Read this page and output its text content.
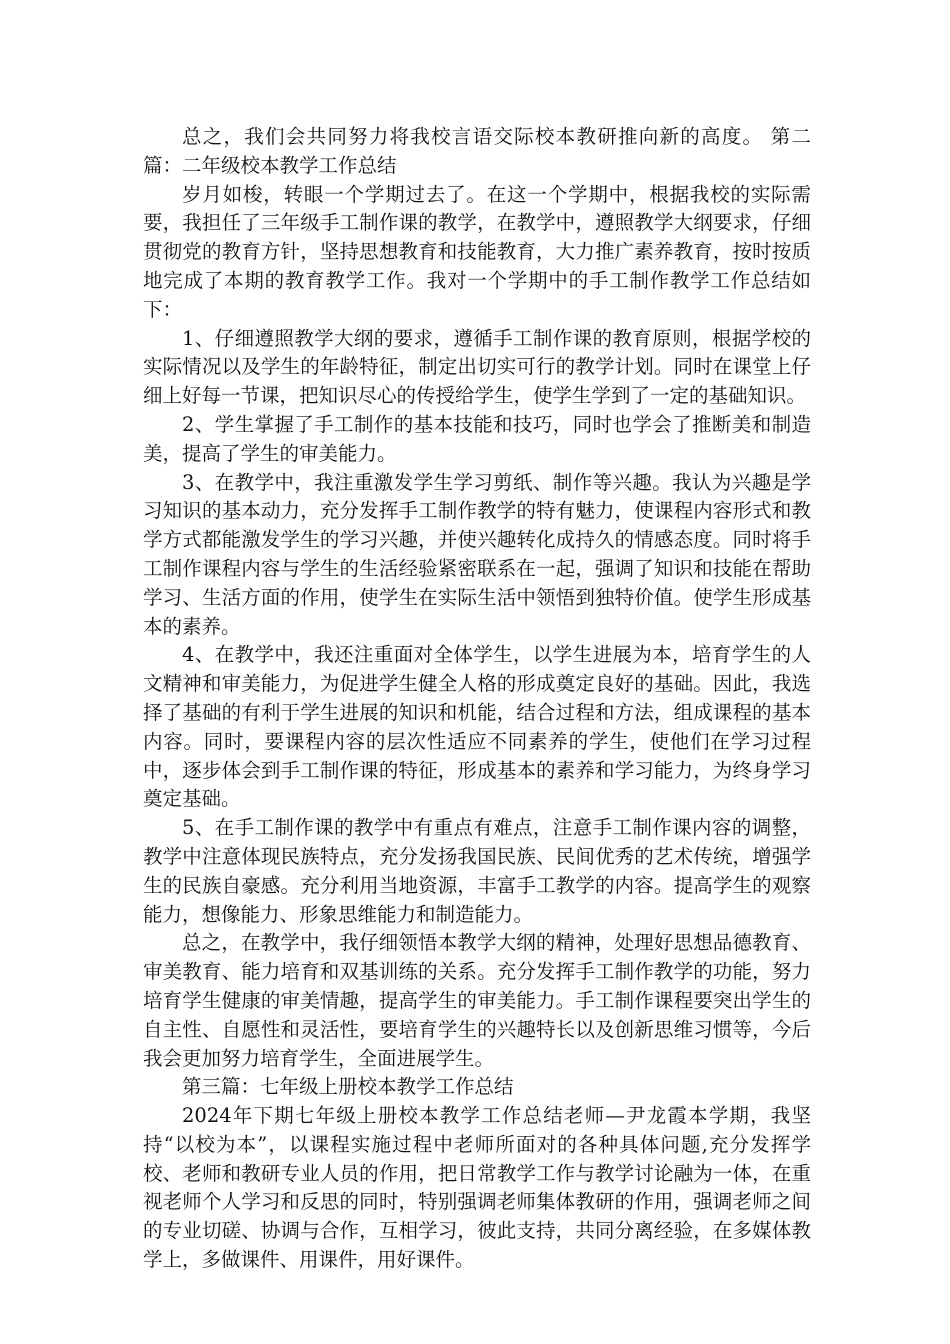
总之，我们会共同努力将我校言语交际校本教研推向新的高度。 第二篇：二年级校本教学工作总结

岁月如梭，转眼一个学期过去了。在这一个学期中，根据我校的实际需要，我担任了三年级手工制作课的教学，在教学中，遵照教学大纲要求，仔细贯彻党的教育方针，坚持思想教育和技能教育，大力推广素养教育，按时按质地完成了本期的教育教学工作。我对一个学期中的手工制作教学工作总结如下：

1、仔细遵照教学大纲的要求，遵循手工制作课的教育原则，根据学校的实际情况以及学生的年龄特征，制定出切实可行的教学计划。同时在课堂上仔细上好每一节课，把知识尽心的传授给学生，使学生学到了一定的基础知识。

2、学生掌握了手工制作的基本技能和技巧，同时也学会了推断美和制造美，提高了学生的审美能力。

3、在教学中，我注重激发学生学习剪纸、制作等兴趣。我认为兴趣是学习知识的基本动力，充分发挥手工制作教学的特有魅力，使课程内容形式和教学方式都能激发学生的学习兴趣，并使兴趣转化成持久的情感态度。同时将手工制作课程内容与学生的生活经验紧密联系在一起，强调了知识和技能在帮助学习、生活方面的作用，使学生在实际生活中领悟到独特价值。使学生形成基本的素养。

4、在教学中，我还注重面对全体学生，以学生进展为本，培育学生的人文精神和审美能力，为促进学生健全人格的形成奠定良好的基础。因此，我选择了基础的有利于学生进展的知识和机能，结合过程和方法，组成课程的基本内容。同时，要课程内容的层次性适应不同素养的学生，使他们在学习过程中，逐步体会到手工制作课的特征，形成基本的素养和学习能力，为终身学习奠定基础。

5、在手工制作课的教学中有重点有难点，注意手工制作课内容的调整，教学中注意体现民族特点，充分发扬我国民族、民间优秀的艺术传统，增强学生的民族自豪感。充分利用当地资源，丰富手工教学的内容。提高学生的观察能力，想像能力、形象思维能力和制造能力。

总之，在教学中，我仔细领悟本教学大纲的精神，处理好思想品德教育、审美教育、能力培育和双基训练的关系。充分发挥手工制作教学的功能，努力培育学生健康的审美情趣，提高学生的审美能力。手工制作课程要突出学生的自主性、自愿性和灵活性，要培育学生的兴趣特长以及创新思维习惯等，今后我会更加努力培育学生，全面进展学生。

第三篇：七年级上册校本教学工作总结

2024年下期七年级上册校本教学工作总结老师—尹龙霞本学期，我坚持“以校为本”，以课程实施过程中老师所面对的各种具体问题,充分发挥学校、老师和教研专业人员的作用，把日常教学工作与教学讨论融为一体，在重视老师个人学习和反思的同时，特别强调老师集体教研的作用，强调老师之间的专业切磋、协调与合作，互相学习，彼此支持，共同分离经验，在多媒体教学上，多做课件、用课件，用好课件。
